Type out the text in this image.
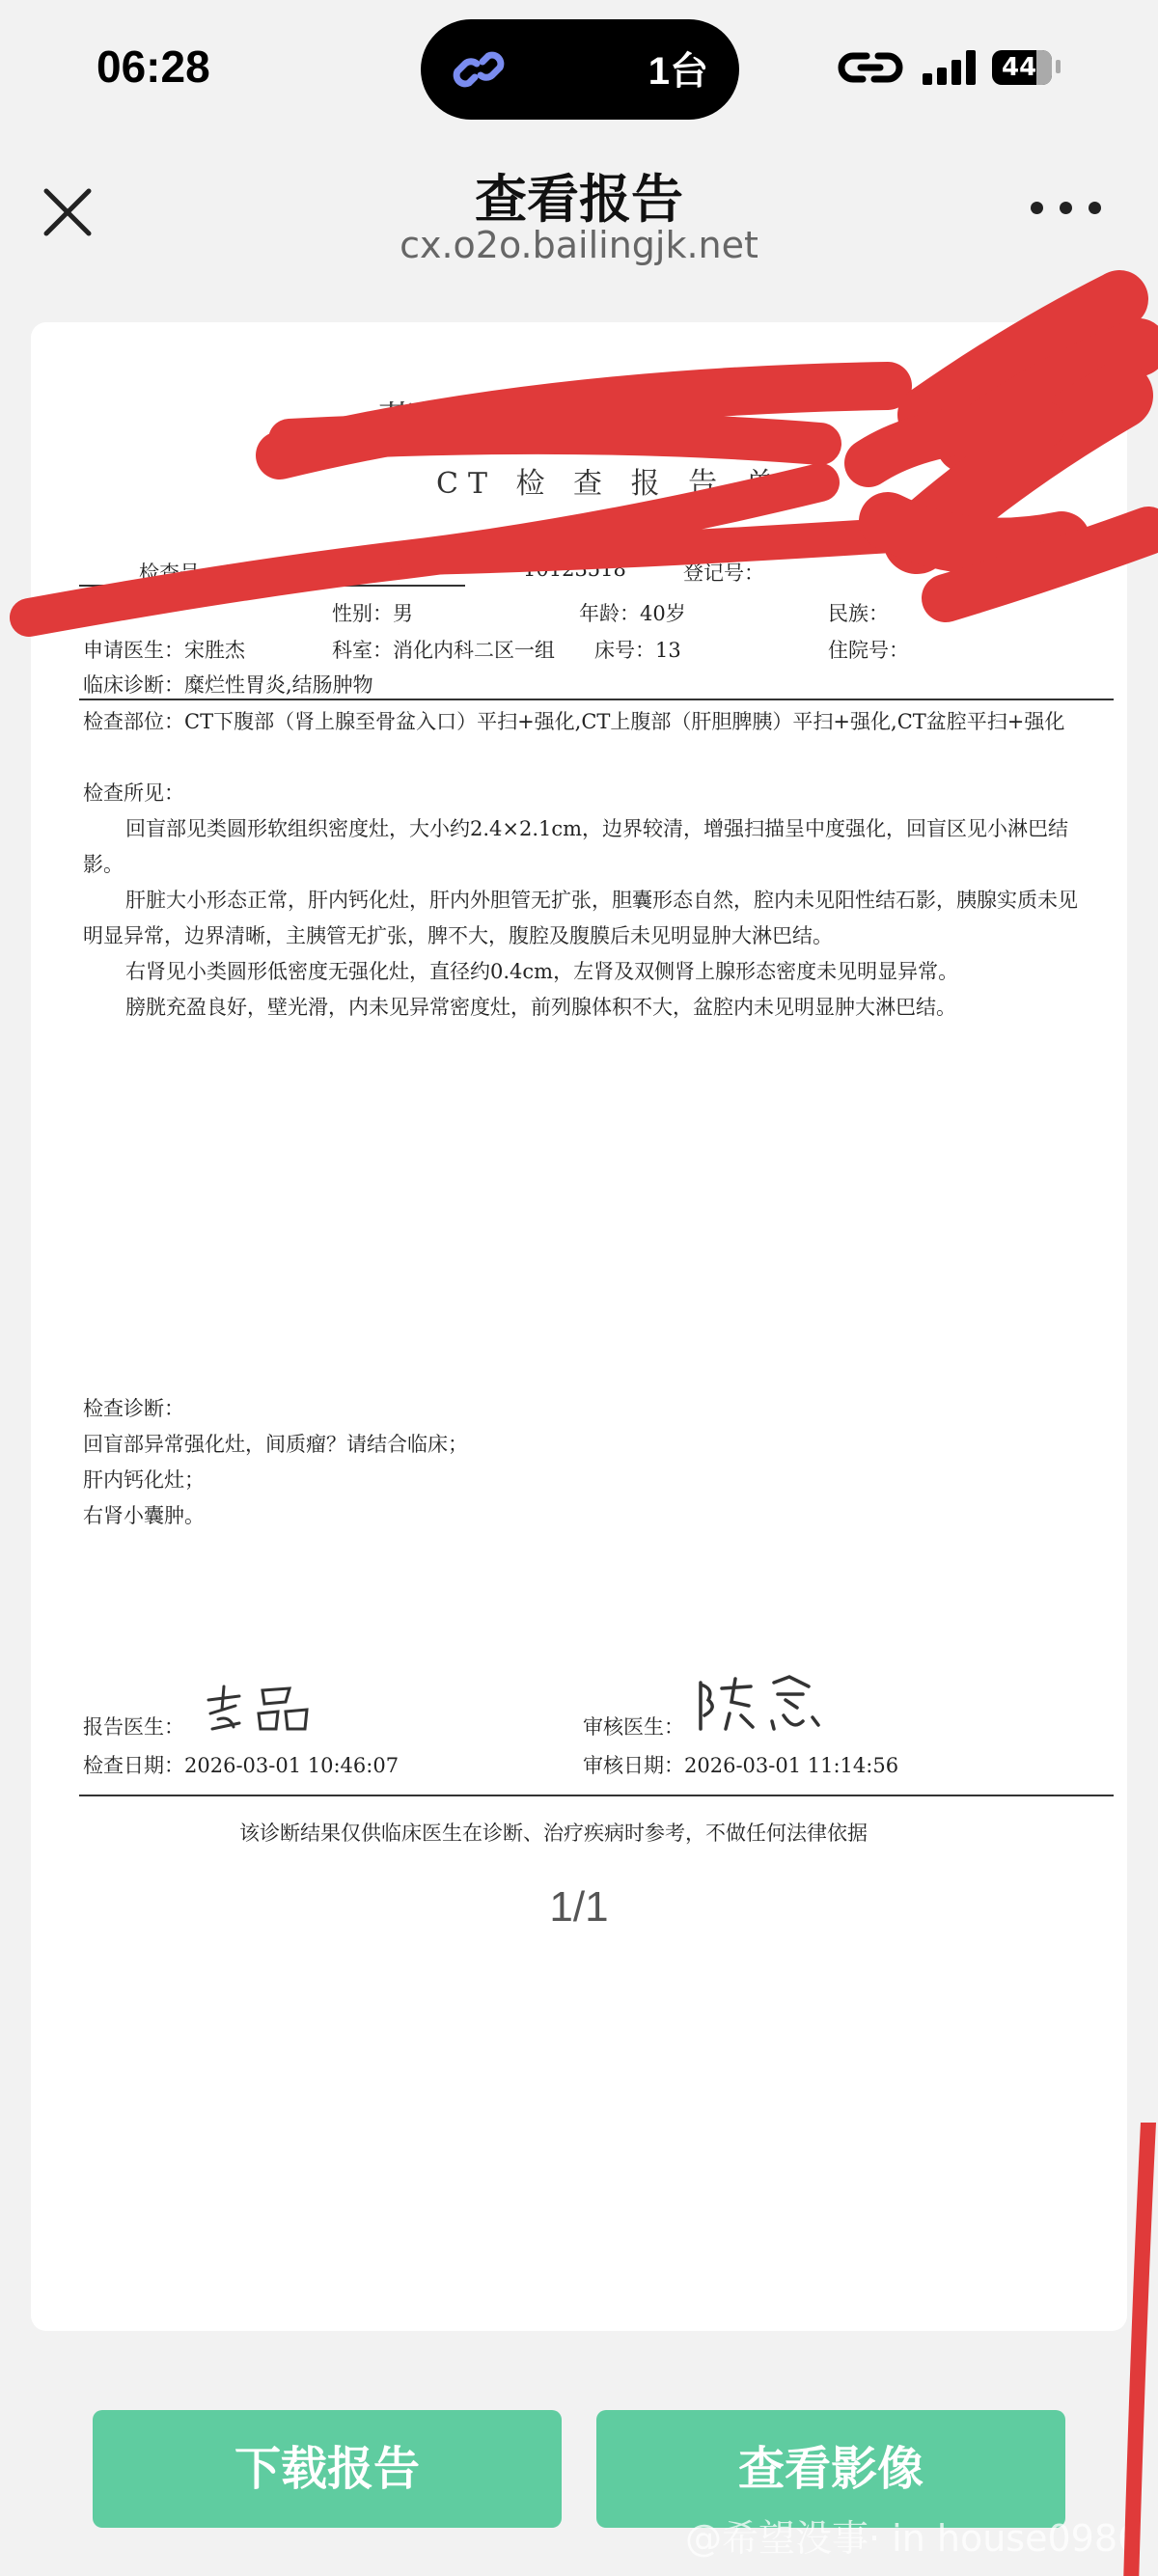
06:28	1台	44
查看报告
cx.o2o.bailingjk.net
莆淫
CT 检 查 报 告 单
检查号：CT000	10123518	登记号：
性别：男	年龄：40岁	民族：
申请医生：宋胜杰	科室：消化内科二区一组 床号：13	住院号：
临床诊断：糜烂性胃炎,结肠肿物
检查部位：CT下腹部（肾上腺至骨盆入口）平扫+强化,CT上腹部（肝胆脾胰）平扫+强化,CT盆腔平扫+强化
检查所见：
回盲部见类圆形软组织密度灶，大小约2.4×2.1cm，边界较清，增强扫描呈中度强化，回盲区见小淋巴结影。
肝脏大小形态正常，肝内钙化灶，肝内外胆管无扩张，胆囊形态自然，腔内未见阳性结石影，胰腺实质未见明显异常，边界清晰，主胰管无扩张，脾不大，腹腔及腹膜后未见明显肿大淋巴结。
右肾见小类圆形低密度无强化灶，直径约0.4cm，左肾及双侧肾上腺形态密度未见明显异常。
膀胱充盈良好，壁光滑，内未见异常密度灶，前列腺体积不大，盆腔内未见明显肿大淋巴结。
检查诊断：
回盲部异常强化灶，间质瘤？请结合临床；
肝内钙化灶；
右肾小囊肿。
报告医生：	审核医生：
检查日期：2026-03-01 10:46:07	审核日期：2026-03-01 11:14:56
该诊断结果仅供临床医生在诊断、治疗疾病时参考，不做任何法律依据
1/1
下载报告	查看影像
@希望没事· in house0986
